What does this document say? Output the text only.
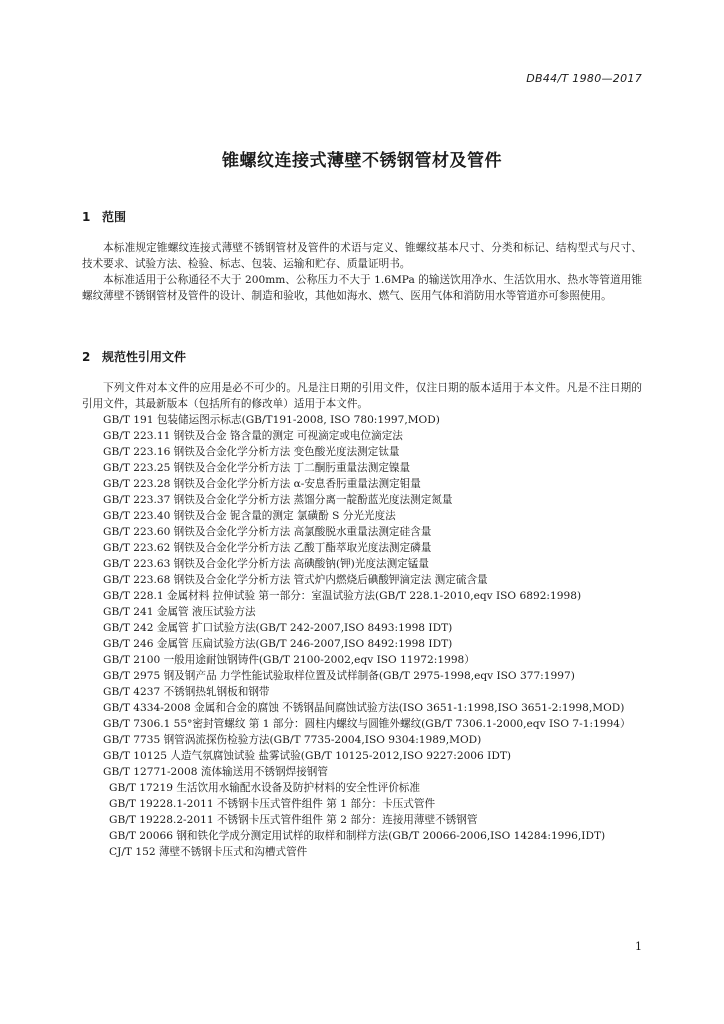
DB44/T 1980—2017
锥螺纹连接式薄壁不锈钢管材及管件
1 范围

本标准规定锥螺纹连接式薄壁不锈钢管材及管件的术语与定义、锥螺纹基本尺寸、分类和标记、结构型式与尺寸、技术要求、试验方法、检验、标志、包装、运输和贮存、质量证明书。

本标准适用于公称通径不大于 200mm、公称压力不大于 1.6MPa 的输送饮用净水、生活饮用水、热水等管道用锥螺纹薄壁不锈钢管材及管件的设计、制造和验收，其他如海水、燃气、医用气体和消防用水等管道亦可参照使用。

2 规范性引用文件

下列文件对本文件的应用是必不可少的。凡是注日期的引用文件，仅注日期的版本适用于本文件。凡是不注日期的引用文件，其最新版本（包括所有的修改单）适用于本文件。

GB/T 191 包装储运图示标志(GB/T191-2008, ISO 780:1997,MOD)
GB/T 223.11 钢铁及合金 铬含量的测定 可视滴定或电位滴定法
GB/T 223.16 钢铁及合金化学分析方法 变色酸光度法测定钛量
GB/T 223.25 钢铁及合金化学分析方法 丁二酮肟重量法测定镍量
GB/T 223.28 钢铁及合金化学分析方法 α-安息香肟重量法测定钼量
GB/T 223.37 钢铁及合金化学分析方法 蒸馏分离一靛酚蓝光度法测定氮量
GB/T 223.40 钢铁及合金 铌含量的测定 氯磺酚 S 分光光度法
GB/T 223.60 钢铁及合金化学分析方法 高氯酸脱水重量法测定硅含量
GB/T 223.62 钢铁及合金化学分析方法 乙酸丁酯萃取光度法测定磷量
GB/T 223.63 钢铁及合金化学分析方法 高碘酸钠(钾)光度法测定锰量
GB/T 223.68 钢铁及合金化学分析方法 管式炉内燃烧后碘酸钾滴定法 测定硫含量
GB/T 228.1 金属材料 拉伸试验 第一部分：室温试验方法(GB/T 228.1-2010,eqv ISO 6892:1998)
GB/T 241 金属管 液压试验方法
GB/T 242 金属管 扩口试验方法(GB/T 242-2007,ISO 8493:1998 IDT)
GB/T 246 金属管 压扁试验方法(GB/T 246-2007,ISO 8492:1998 IDT)
GB/T 2100 一般用途耐蚀钢铸件(GB/T 2100-2002,eqv ISO 11972:1998）
GB/T 2975 钢及钢产品 力学性能试验取样位置及试样制备(GB/T 2975-1998,eqv ISO 377:1997)
GB/T 4237 不锈钢热轧钢板和钢带
GB/T 4334-2008 金属和合金的腐蚀 不锈钢晶间腐蚀试验方法(ISO 3651-1:1998,ISO 3651-2:1998,MOD)
GB/T 7306.1 55°密封管螺纹 第 1 部分：圆柱内螺纹与圆锥外螺纹(GB/T 7306.1-2000,eqv ISO 7-1:1994）
GB/T 7735 钢管涡流探伤检验方法(GB/T 7735-2004,ISO 9304:1989,MOD)
GB/T 10125 人造气氛腐蚀试验 盐雾试验(GB/T 10125-2012,ISO 9227:2006 IDT)
GB/T 12771-2008 流体输送用不锈钢焊接钢管
GB/T 17219 生活饮用水输配水设备及防护材料的安全性评价标准
GB/T 19228.1-2011 不锈钢卡压式管件组件 第 1 部分：卡压式管件
GB/T 19228.2-2011 不锈钢卡压式管件组件 第 2 部分：连接用薄壁不锈钢管
GB/T 20066 钢和铁化学成分测定用试样的取样和制样方法(GB/T 20066-2006,ISO 14284:1996,IDT)
CJ/T 152 薄壁不锈钢卡压式和沟槽式管件
1
